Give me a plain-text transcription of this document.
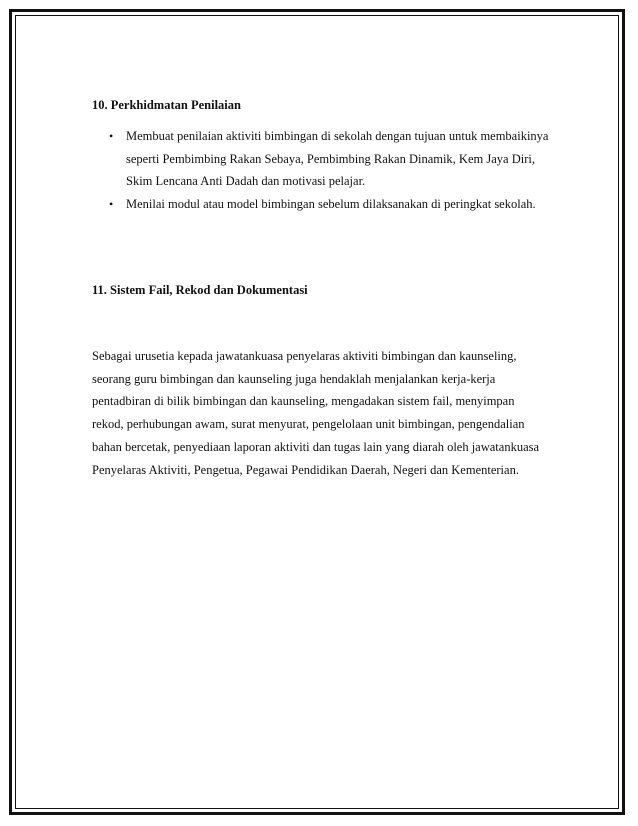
10. Perkhidmatan Penilaian
• Membuat penilaian aktiviti bimbingan di sekolah dengan tujuan untuk membaikinya seperti Pembimbing Rakan Sebaya, Pembimbing Rakan Dinamik, Kem Jaya Diri, Skim Lencana Anti Dadah dan motivasi pelajar.
• Menilai modul atau model bimbingan sebelum dilaksanakan di peringkat sekolah.
11. Sistem Fail, Rekod dan Dokumentasi

Sebagai urusetia kepada jawatankuasa penyelaras aktiviti bimbingan dan kaunseling,
seorang guru bimbingan dan kaunseling juga hendaklah menjalankan kerja-kerja
pentadbiran di bilik bimbingan dan kaunseling, mengadakan sistem fail, menyimpan
rekod, perhubungan awam, surat menyurat, pengelolaan unit bimbingan, pengendalian
bahan bercetak, penyediaan laporan aktiviti dan tugas lain yang diarah oleh jawatankuasa
Penyelaras Aktiviti, Pengetua, Pegawai Pendidikan Daerah, Negeri dan Kementerian.
